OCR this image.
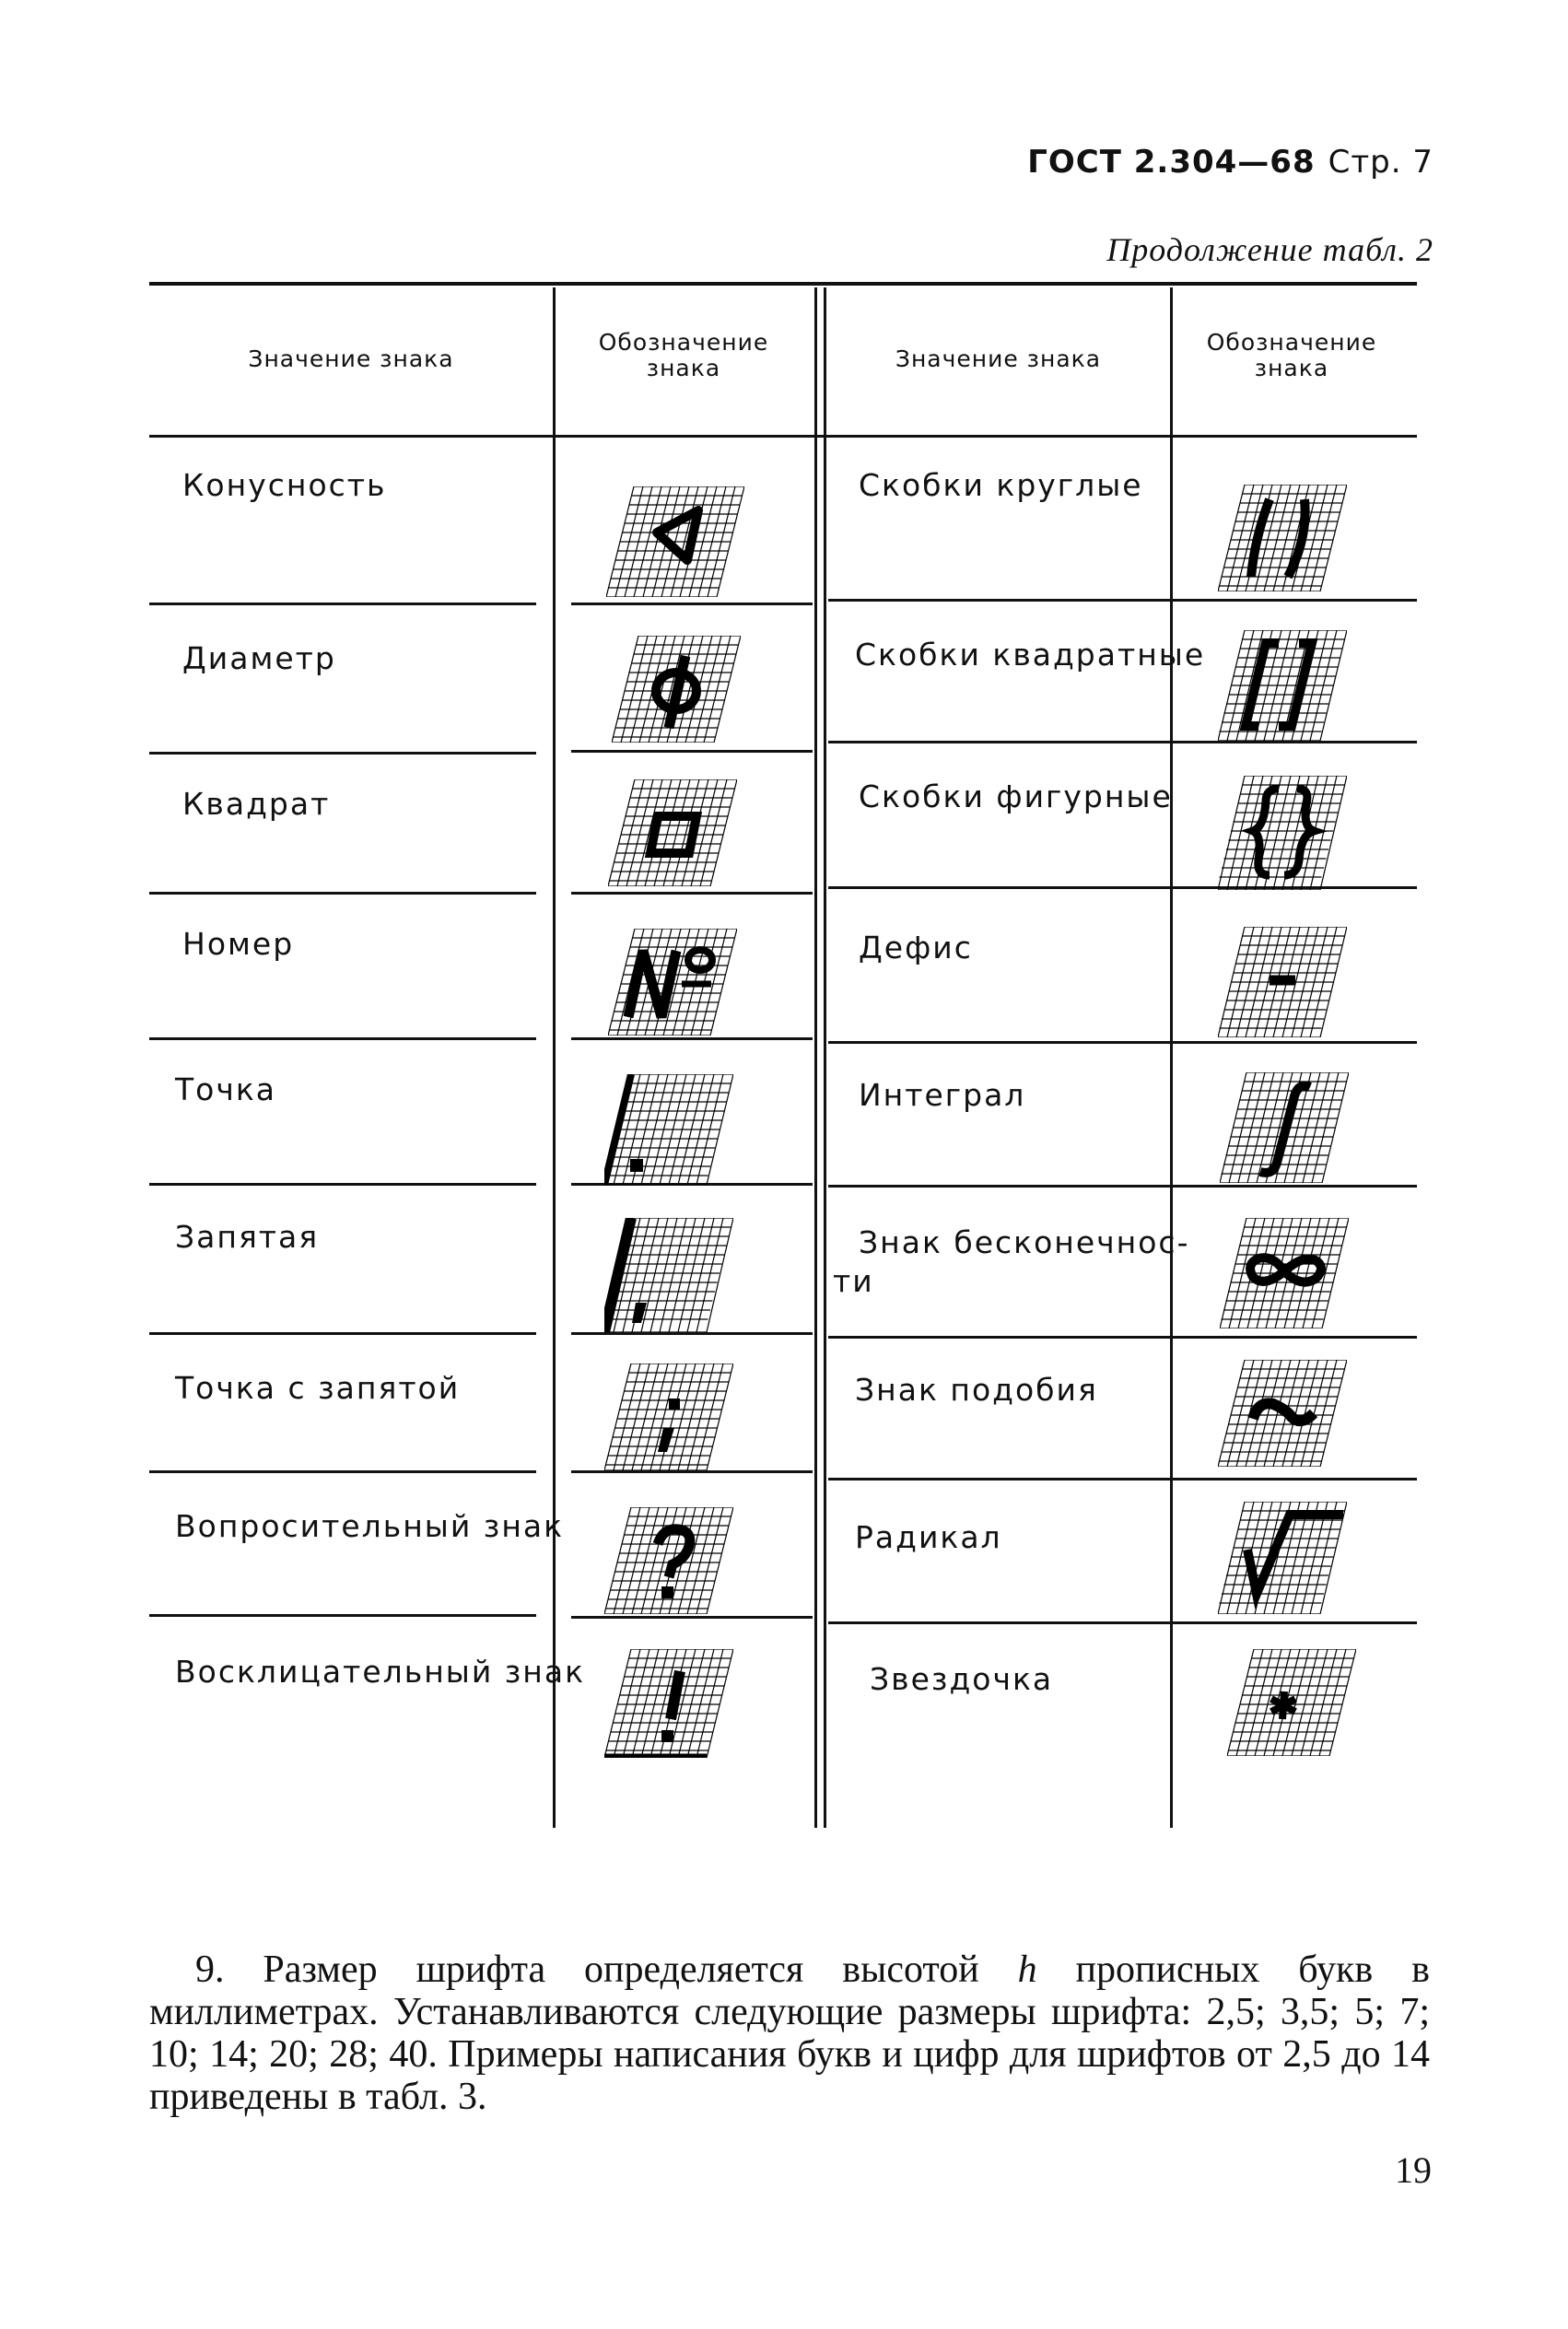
ГОСТ 2.304—68 Стр. 7
Продолжение табл. 2
Значение знака
Обозначение знака	Значение знака
Обозначение знака
Конусность
Диаметр
Квадрат
Номер
Точка
Запятая
Точка с запятой
Вопросительный знак
Восклицательный знак
Скобки круглые
Скобки квадратные
Скобки фигурные
Дефис
Интеграл
Знак бесконечнос-
ти
Знак подобия
Радикал
Звездочка

9. Размер шрифта определяется высотой h прописных букв в миллиметрах. Устанавливаются следующие размеры шрифта: 2,5; 3,5; 5; 7; 10; 14; 20; 28; 40. Примеры написания букв и цифр для шрифтов от 2,5 до 14 приведены в табл. 3.

19
